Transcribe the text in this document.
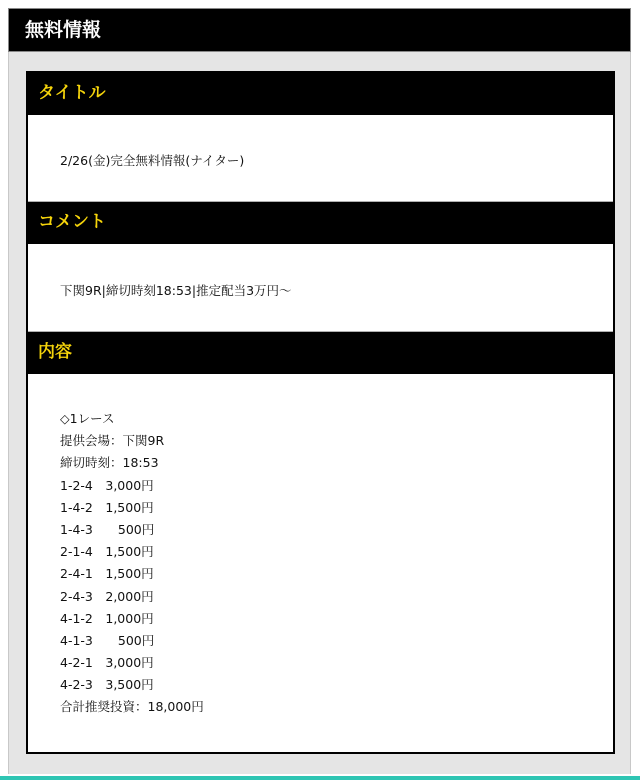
無料情報
タイトル
2/26(金)完全無料情報(ナイター)
コメント
下関9R|締切時刻18:53|推定配当3万円〜
内容
◇1レース
提供会場：下関9R
締切時刻：18:53
1-2-4　3,000円
1-4-2　1,500円
1-4-3　　500円
2-1-4　1,500円
2-4-1　1,500円
2-4-3　2,000円
4-1-2　1,000円
4-1-3　　500円
4-2-1　3,000円
4-2-3　3,500円
合計推奨投資：18,000円
